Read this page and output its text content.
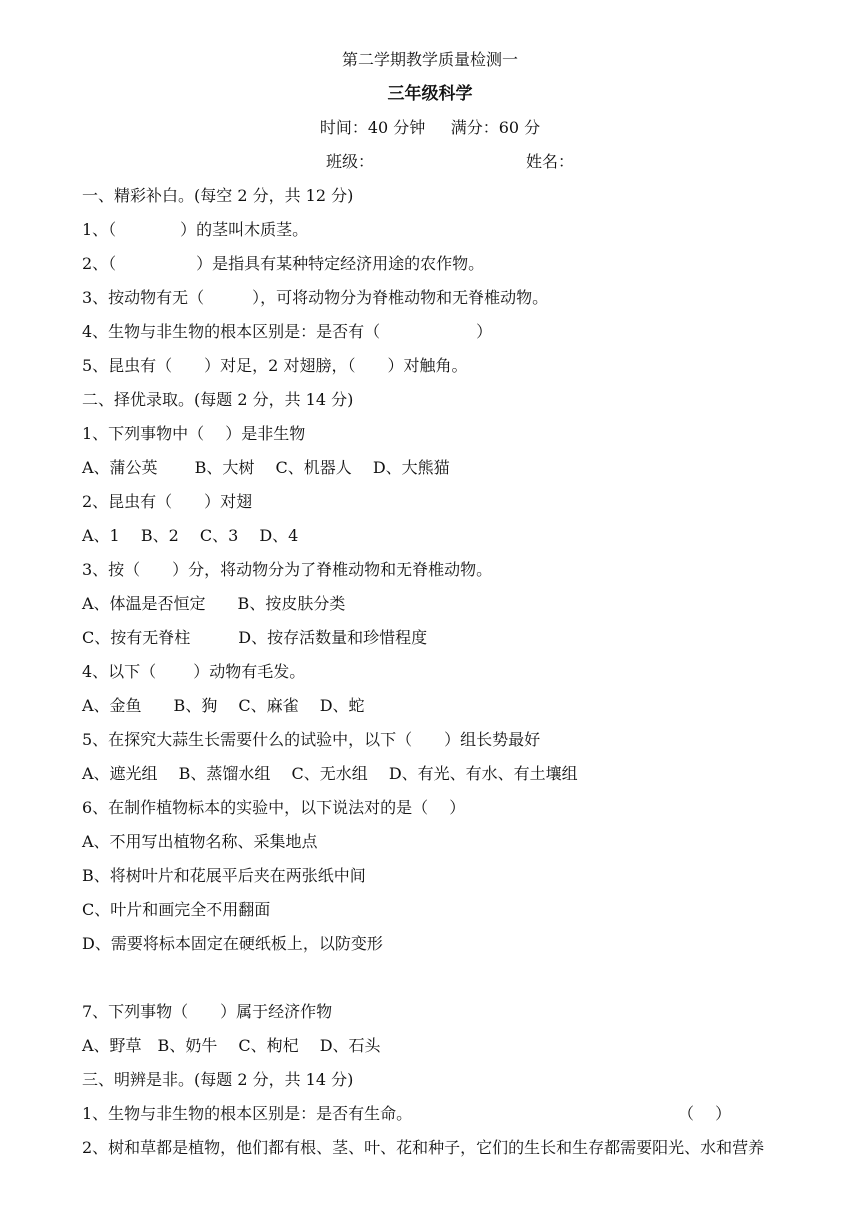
第二学期教学质量检测一
三年级科学
时间：40 分钟     满分：60 分
班级：	姓名：
一、精彩补白。(每空 2 分，共 12 分)
1、（　　　　）的茎叫木质茎。
2、（　　　　　）是指具有某种特定经济用途的农作物。
3、按动物有无（　　　），可将动物分为脊椎动物和无脊椎动物。
4、生物与非生物的根本区别是：是否有（　　　　　　）
5、昆虫有（　　）对足，2 对翅膀，（　　）对触角。
二、择优录取。(每题 2 分，共 14 分)
1、下列事物中（　 ）是非生物
A、蒲公英　　 B、大树　 C、机器人　 D、大熊猫
2、昆虫有（　　）对翅
A、1　 B、2　 C、3　 D、4
3、按（　　）分，将动物分为了脊椎动物和无脊椎动物。
A、体温是否恒定　　B、按皮肤分类
C、按有无脊柱　　　D、按存活数量和珍惜程度
4、以下（　　 ）动物有毛发。
A、金鱼　　B、狗　 C、麻雀　 D、蛇
5、在探究大蒜生长需要什么的试验中，以下（　　）组长势最好
A、遮光组　 B、蒸馏水组　 C、无水组　 D、有光、有水、有土壤组
6、在制作植物标本的实验中，以下说法对的是（　 ）
A、不用写出植物名称、采集地点
B、将树叶片和花展平后夹在两张纸中间
C、叶片和画完全不用翻面
D、需要将标本固定在硬纸板上，以防变形
7、下列事物（　　）属于经济作物
A、野草　B、奶牛　 C、枸杞　 D、石头
三、明辨是非。(每题 2 分，共 14 分)
1、生物与非生物的根本区别是：是否有生命。	（　 ）
2、树和草都是植物，他们都有根、茎、叶、花和种子，它们的生长和生存都需要阳光、水和营养
